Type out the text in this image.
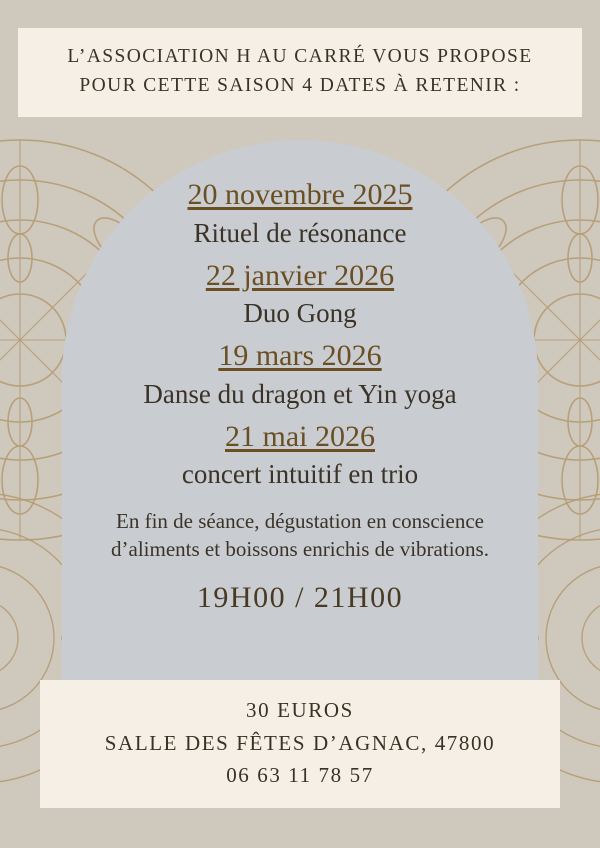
L’ASSOCIATION H AU CARRÉ VOUS PROPOSE
POUR CETTE SAISON 4 DATES À RETENIR :
20 novembre 2025
Rituel de résonance
22 janvier 2026
Duo Gong
19 mars 2026
Danse du dragon et Yin yoga
21 mai 2026
concert intuitif en trio
En fin de séance, dégustation en conscience
d’aliments et boissons enrichis de vibrations.
19H00 / 21H00
30 EUROS
SALLE DES FÊTES D’AGNAC, 47800
06 63 11 78 57
